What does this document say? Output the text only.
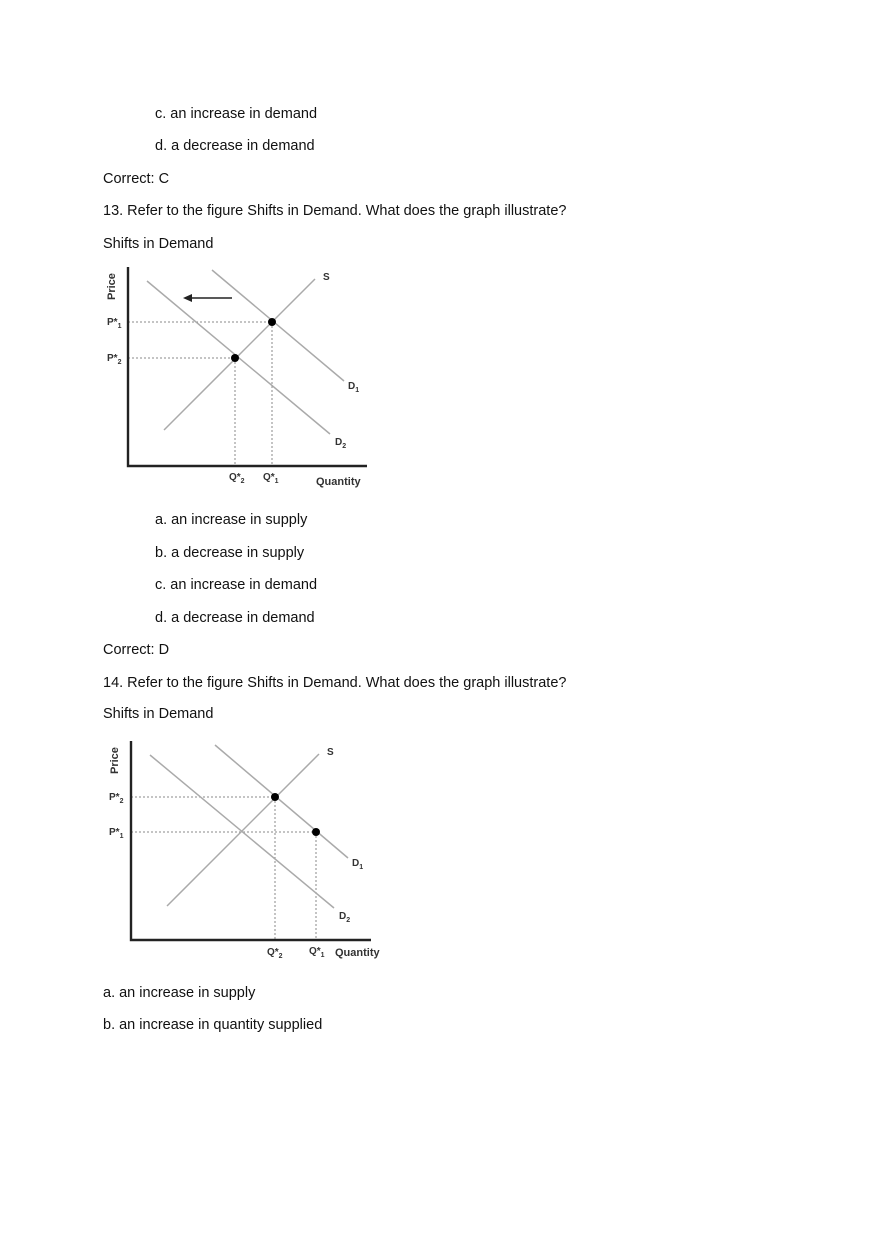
c. an increase in demand
d. a decrease in demand
Correct: C
13. Refer to the figure Shifts in Demand. What does the graph illustrate?
Shifts in Demand
Price
Quantity
S
$D_1$
$D_2$
$P*_1$
$P*_2$
$Q*_2$ $Q*_1$
a. an increase in supply
b. a decrease in supply
c. an increase in demand
d. a decrease in demand
Correct: D
14. Refer to the figure Shifts in Demand. What does the graph illustrate?
Shifts in Demand
Price
Quantity
S
$D_1$
$D_2$
$P*_2$
$P*_1$
$Q*_2$	$Q*_1$
a. an increase in supply
b. an increase in quantity supplied
